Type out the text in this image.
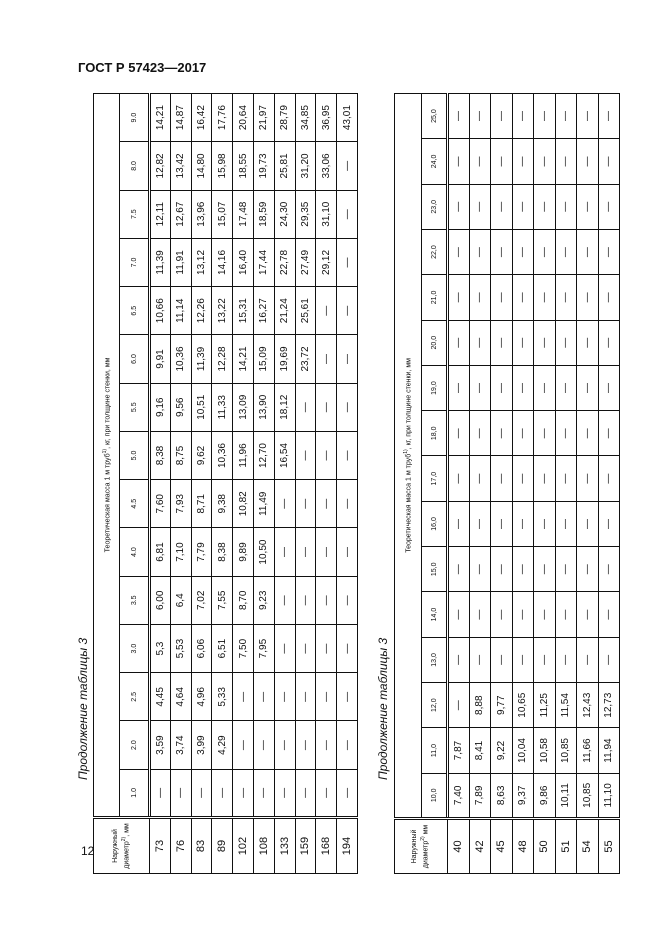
ГОСТ Р 57423—2017
Продолжение таблицы 3
Наружный диаметр$^{2)}$, мм	Теоретическая масса 1 м труб$^{1)}$, кг, при толщине стенки, мм														
	1.0	2.0	2.5	3.0	3.5	4.0	4.5	5.0	5.5	6.0	6.5	7.0	7.5	8.0	9.0
73	—	3,59	4,45	5,3	6,00	6,81	7,60	8,38	9,16	9,91	10,66	11,39	12,11	12,82	14,21
76	—	3,74	4,64	5,53	6,4	7,10	7,93	8,75	9,56	10,36	11,14	11,91	12,67	13,42	14,87
83	—	3,99	4,96	6,06	7,02	7,79	8,71	9,62	10,51	11,39	12,26	13,12	13,96	14,80	16,42
89	—	4,29	5,33	6,51	7,55	8,38	9,38	10,36	11,33	12,28	13,22	14,16	15,07	15,98	17,76
102	—	—	—	7,50	8,70	9,89	10,82	11,96	13,09	14,21	15,31	16,40	17,48	18,55	20,64
108	—	—	—	7,95	9,23	10,50	11,49	12,70	13,90	15,09	16,27	17,44	18,59	19,73	21,97
133	—	—	—	—	—	—	—	16,54	18,12	19,69	21,24	22,78	24,30	25,81	28,79
159	—	—	—	—	—	—	—	—	—	23,72	25,61	27,49	29,35	31,20	34,85
168	—	—	—	—	—	—	—	—	—	—	—	29,12	31,10	33,06	36,95
194	—	—	—	—	—	—	—	—	—	—	—	—	—	—	43,01
Продолжение таблицы 3
Наружный диаметр$^{2)}$ мм	Теоретическая масса 1 м труб$^{1)}$, кг, при толщине стенки, мм															
	10,0	11,0	12,0	13,0	14,0	15,0	16,0	17,0	18,0	19,0	20,0	21,0	22,0	23,0	24,0	25,0
40	7,40	7,87	—	—	—	—	—	—	—	—	—	—	—	—	—	—
42	7,89	8,41	8,88	—	—	—	—	—	—	—	—	—	—	—	—	—
45	8,63	9,22	9,77	—	—	—	—	—	—	—	—	—	—	—	—	—
48	9,37	10,04	10,65	—	—	—	—	—	—	—	—	—	—	—	—	—
50	9,86	10,58	11,25	—	—	—	—	—	—	—	—	—	—	—	—	—
51	10,11	10,85	11,54	—	—	—	—	—	—	—	—	—	—	—	—	—
54	10,85	11,66	12,43	—	—	—	—	—	—	—	—	—	—	—	—	—
55	11,10	11,94	12,73	—	—	—	—	—	—	—	—	—	—	—	—	—
12
